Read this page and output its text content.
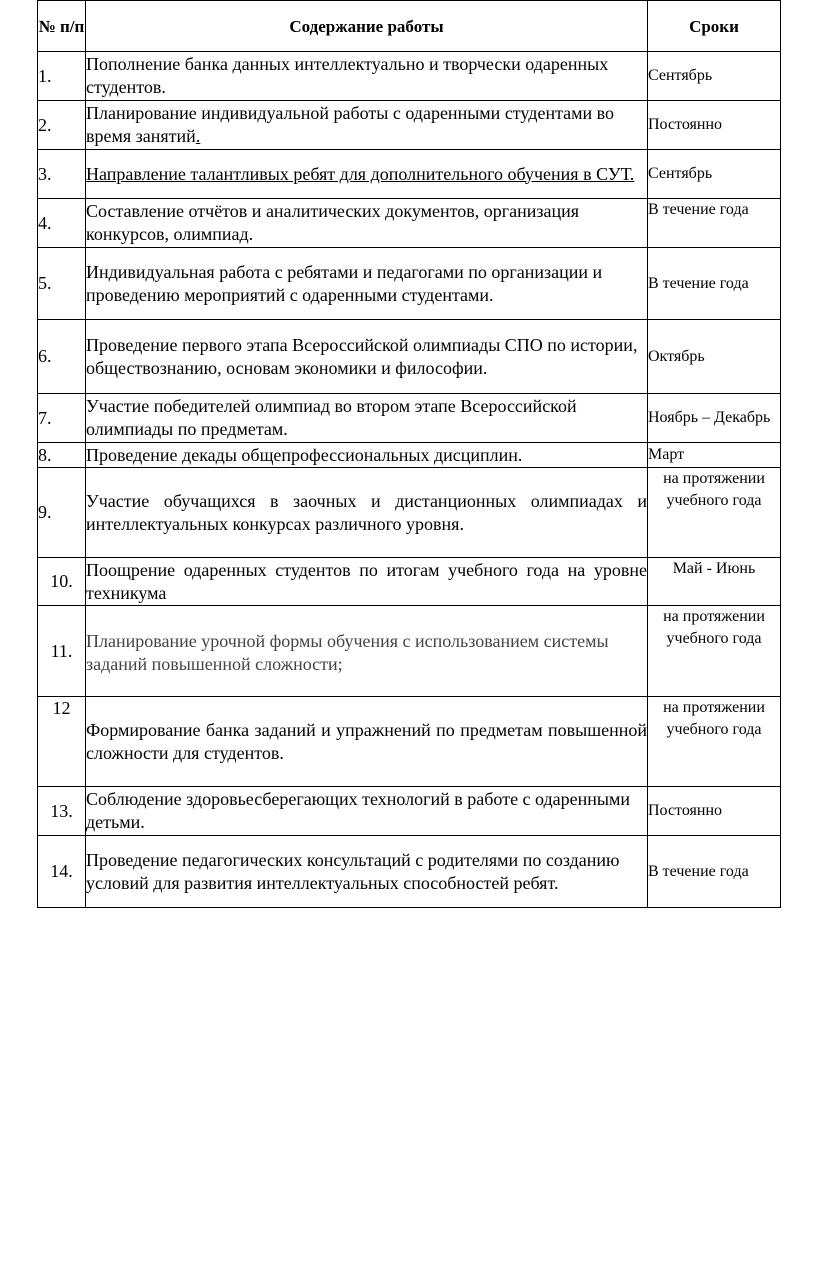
№ п/п	Содержание работы	Сроки
1.	Пополнение банка данных интеллектуально и творчески одаренных студентов.	Сентябрь
2.	Планирование индивидуальной работы с одаренными студентами во время занятий.	Постоянно
3.	Направление талантливых ребят для дополнительного обучения в СУТ.	Сентябрь
4.	Составление отчётов и аналитических документов, организация конкурсов, олимпиад.	В течение года
5.	Индивидуальная работа с ребятами и педагогами по организации и проведению мероприятий с одаренными студентами.	В течение года
6.	Проведение первого этапа Всероссийской олимпиады СПО по истории, обществознанию, основам экономики и философии.	Октябрь
7.	Участие победителей олимпиад во втором этапе Всероссийской олимпиады по предметам.	Ноябрь – Декабрь
8.	Проведение декады общепрофессиональных дисциплин.	Март
9.	Участие обучащихся в заочных и дистанционных олимпиадах и интеллектуальных конкурсах различного уровня.	на протяжении учебного года
10.	Поощрение одаренных студентов по итогам учебного года на уровне техникума	Май - Июнь
11.	Планирование урочной формы обучения с использованием системы заданий повышенной сложности;	на протяжении учебного года
12	Формирование банка заданий и упражнений по предметам повышенной сложности для студентов.	на протяжении учебного года
13.	Соблюдение здоровьесберегающих технологий в работе с одаренными детьми.	Постоянно
14.	Проведение педагогических консультаций с родителями по созданию условий для развития интеллектуальных способностей ребят.	В течение года
